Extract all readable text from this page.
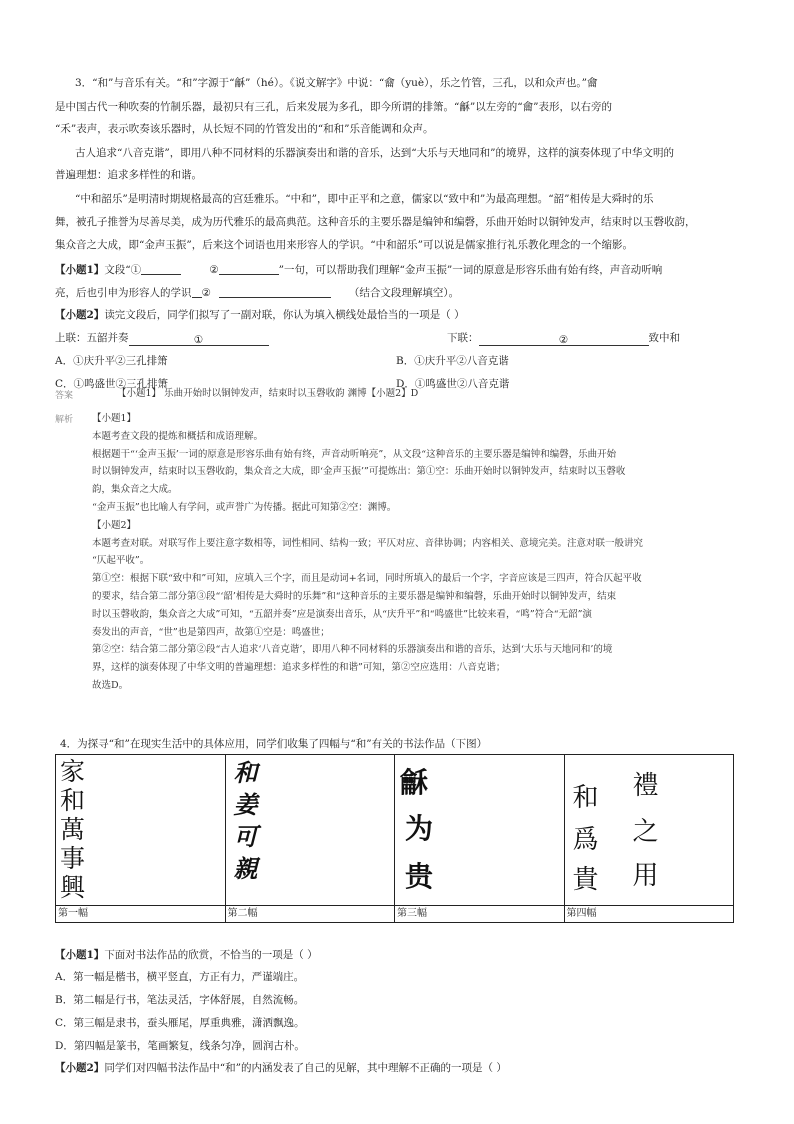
3．“和”与音乐有关。“和”字源于“龢”（hé）。《说文解字》中说：“龠（yuè），乐之竹管，三孔，以和众声也。”龠
是中国古代一种吹奏的竹制乐器，最初只有三孔，后来发展为多孔，即今所谓的排箫。“龢”以左旁的“龠”表形，以右旁的
“禾”表声，表示吹奏该乐器时，从长短不同的竹管发出的“和和”乐音能调和众声。
古人追求“八音克谐”，即用八种不同材料的乐器演奏出和谐的音乐，达到“大乐与天地同和”的境界，这样的演奏体现了中华文明的
普遍理想：追求多样性的和谐。
“中和韶乐”是明清时期规格最高的宫廷雅乐。“中和”，即中正平和之意，儒家以“致中和”为最高理想。“韶”相传是大舜时的乐
舞，被孔子推誉为尽善尽美，成为历代雅乐的最高典范。这种音乐的主要乐器是编钟和编磬，乐曲开始时以铜钟发声，结束时以玉磬收韵，
集众音之大成，即“金声玉振”，后来这个词语也用来形容人的学识。“中和韶乐”可以说是儒家推行礼乐教化理念的一个缩影。
【小题1】文段“①	②	”一句，可以帮助我们理解“金声玉振”一词的原意是形容乐曲有始有终，声音动听响
亮，后也引申为形容人的学识 ②	（结合文段理解填空）。
【小题2】读完文段后，同学们拟写了一副对联，你认为填入横线处最恰当的一项是（ ）
上联：五韶并奏	①	下联：	②	致中和
A．①庆升平②三孔排箫	B．①庆升平②八音克谐
C．①鸣盛世②三孔排箫	D．①鸣盛世②八音克谐
答案	【小题1】 乐曲开始时以铜钟发声，结束时以玉磬收韵 渊博【小题2】D
解析 【小题1】
本题考查文段的提炼和概括和成语理解。
根据题干“‘金声玉振’一词的原意是形容乐曲有始有终，声音动听响亮”，从文段“这种音乐的主要乐器是编钟和编磬，乐曲开始
时以铜钟发声，结束时以玉磬收韵，集众音之大成，即‘金声玉振’”可提炼出：第①空：乐曲开始时以铜钟发声，结束时以玉磬收
韵，集众音之大成。
“金声玉振”也比喻人有学问，或声誉广为传播。据此可知第②空：渊博。
【小题2】
本题考查对联。对联写作上要注意字数相等，词性相同、结构一致；平仄对应、音律协调；内容相关、意境完美。注意对联一般讲究
“仄起平收”。
第①空：根据下联“致中和”可知，应填入三个字，而且是动词+名词，同时所填入的最后一个字，字音应该是三四声，符合仄起平收
的要求，结合第二部分第③段“‘韶’相传是大舜时的乐舞”和“这种音乐的主要乐器是编钟和编磬，乐曲开始时以铜钟发声，结束
时以玉磬收韵，集众音之大成”可知，“五韶并奏”应是演奏出音乐，从“庆升平”和“鸣盛世”比较来看，“鸣”符合“无韶”演
奏发出的声音，“世”也是第四声，故第①空是：鸣盛世；
第②空：结合第二部分第②段“古人追求‘八音克谐’，即用八种不同材料的乐器演奏出和谐的音乐，达到‘大乐与天地同和’的境
界，这样的演奏体现了中华文明的普遍理想：追求多样性的和谐”可知，第②空应选用：八音克谐；
故选D。
4．为探寻“和”在现实生活中的具体应用，同学们收集了四幅与“和”有关的书法作品（下图）
家
和
萬
事
興
第一幅

和
姜
可
親
第二幅

龢
为
贵
第三幅

禮
之
用
和
爲
貴
第四幅
【小题1】下面对书法作品的欣赏，不恰当的一项是（ ）
A．第一幅是楷书，横平竖直，方正有力，严谨端庄。
B．第二幅是行书，笔法灵活，字体舒展，自然流畅。
C．第三幅是隶书，蚕头雁尾，厚重典雅，潇洒飘逸。
D．第四幅是篆书，笔画繁复，线条匀净，圆润古朴。
【小题2】同学们对四幅书法作品中“和”的内涵发表了自己的见解，其中理解不正确的一项是（ ）
